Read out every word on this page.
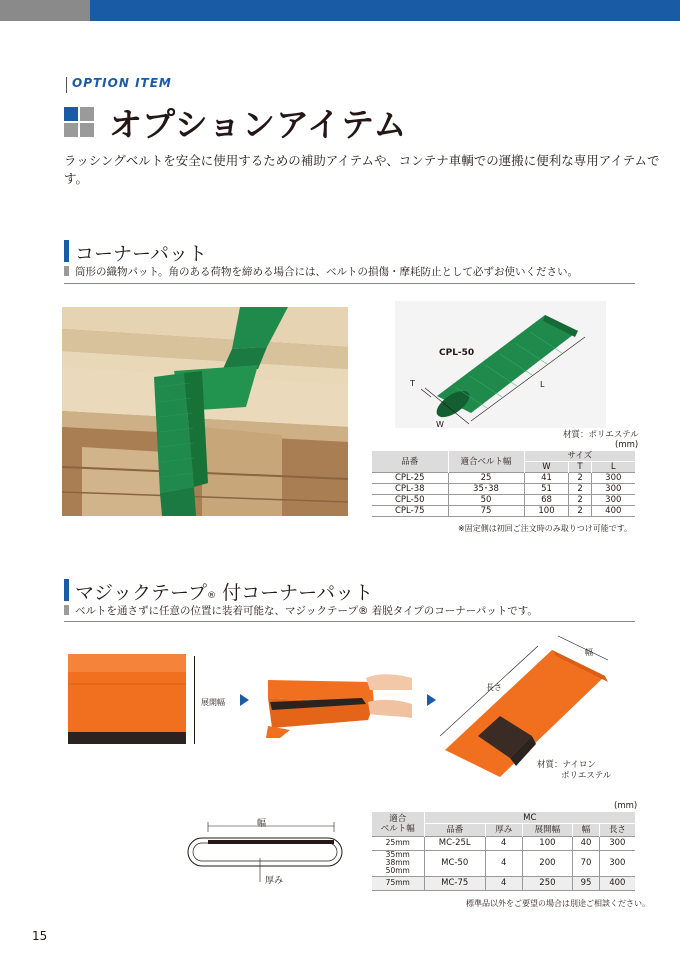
OPTION ITEM
オプションアイテム
ラッシングベルトを安全に使用するための補助アイテムや、コンテナ車輌での運搬に便利な専用アイテムです。
コーナーパット
筒形の織物パット。角のある荷物を締める場合には、ベルトの損傷・摩耗防止として必ずお使いください。
CPL-50
T
W
L
材質：ポリエステル
(mm)
品番	適合ベルト幅	サイズ		
		W	T	L
CPL-25	25	41	2	300
CPL-38	35･38	51	2	300
CPL-50	50	68	2	300
CPL-75	75	100	2	400
※固定側は初回ご注文時のみ取りつけ可能です。
マジックテープ® 付コーナーパット
ベルトを通さずに任意の位置に装着可能な、マジックテープ® 着脱タイプのコーナーパットです。
展開幅
幅
長さ
材質：ナイロン
ポリエステル
幅
厚み
(mm)
適合
ベルト幅	MC				
	品番	厚み	展開幅	幅	長さ
25mm	MC-25L	4	100	40	300
35mm
38mm
50mm	MC-50	4	200	70	300
75mm	MC-75	4	250	95	400
標準品以外をご要望の場合は別途ご相談ください。
15
